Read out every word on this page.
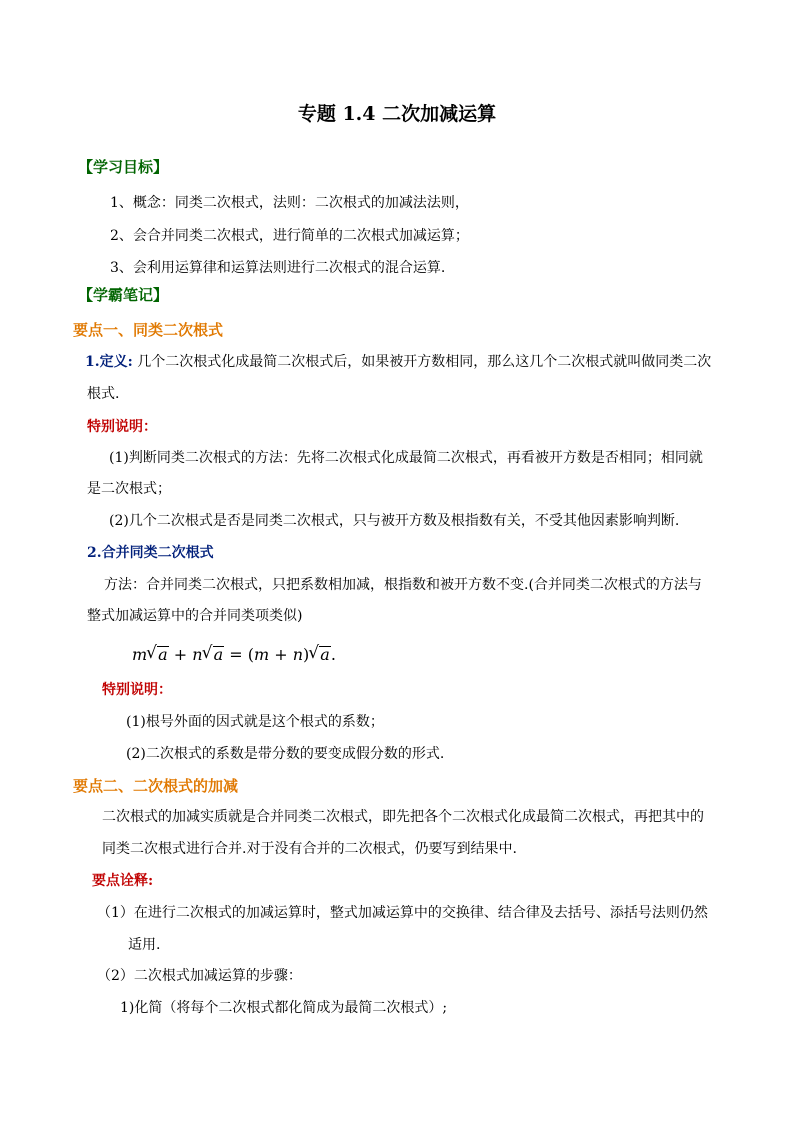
专题 1.4 二次加减运算
【学习目标】
1、概念：同类二次根式，法则：二次根式的加减法法则，
2、会合并同类二次根式，进行简单的二次根式加减运算；
3、会利用运算律和运算法则进行二次根式的混合运算.
【学霸笔记】
要点一、同类二次根式
1.定义: 几个二次根式化成最简二次根式后，如果被开方数相同，那么这几个二次根式就叫做同类二次
根式.
特别说明：
(1)判断同类二次根式的方法：先将二次根式化成最简二次根式，再看被开方数是否相同；相同就
是二次根式；
(2)几个二次根式是否是同类二次根式，只与被开方数及根指数有关，不受其他因素影响判断.
2.合并同类二次根式
方法：合并同类二次根式，只把系数相加减，根指数和被开方数不变.(合并同类二次根式的方法与
整式加减运算中的合并同类项类似)
m √ a + n √ a = (m + n) √ a.
特别说明：
(1)根号外面的因式就是这个根式的系数；
(2)二次根式的系数是带分数的要变成假分数的形式.
要点二、二次根式的加减
二次根式的加减实质就是合并同类二次根式，即先把各个二次根式化成最简二次根式，再把其中的
同类二次根式进行合并.对于没有合并的二次根式，仍要写到结果中.
要点诠释:
（1）在进行二次根式的加减运算时，整式加减运算中的交换律、结合律及去括号、添括号法则仍然
适用.
（2）二次根式加减运算的步骤：
1)化简（将每个二次根式都化简成为最简二次根式）;
